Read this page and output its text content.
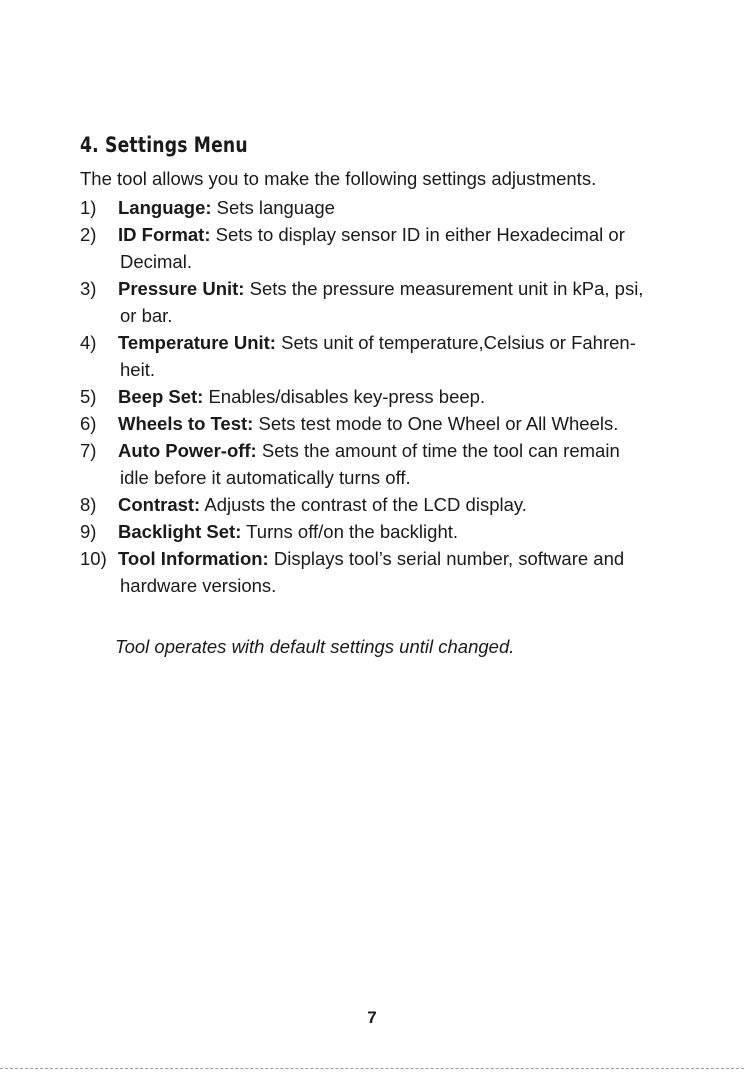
4. Settings Menu
The tool allows you to make the following settings adjustments.
1)	Language: Sets language
2)	ID Format: Sets to display sensor ID in either Hexadecimal or
Decimal.
3)	Pressure Unit: Sets the pressure measurement unit in kPa, psi,
or bar.
4)	Temperature Unit: Sets unit of temperature,Celsius or Fahren-
heit.
5)	Beep Set: Enables/disables key-press beep.
6)	Wheels to Test: Sets test mode to One Wheel or All Wheels.
7)	Auto Power-off: Sets the amount of time the tool can remain
idle before it automatically turns off.
8)	Contrast: Adjusts the contrast of the LCD display.
9)	Backlight Set: Turns off/on the backlight.
10) Tool Information: Displays tool’s serial number, software and
hardware versions.
Tool operates with default settings until changed.
7
